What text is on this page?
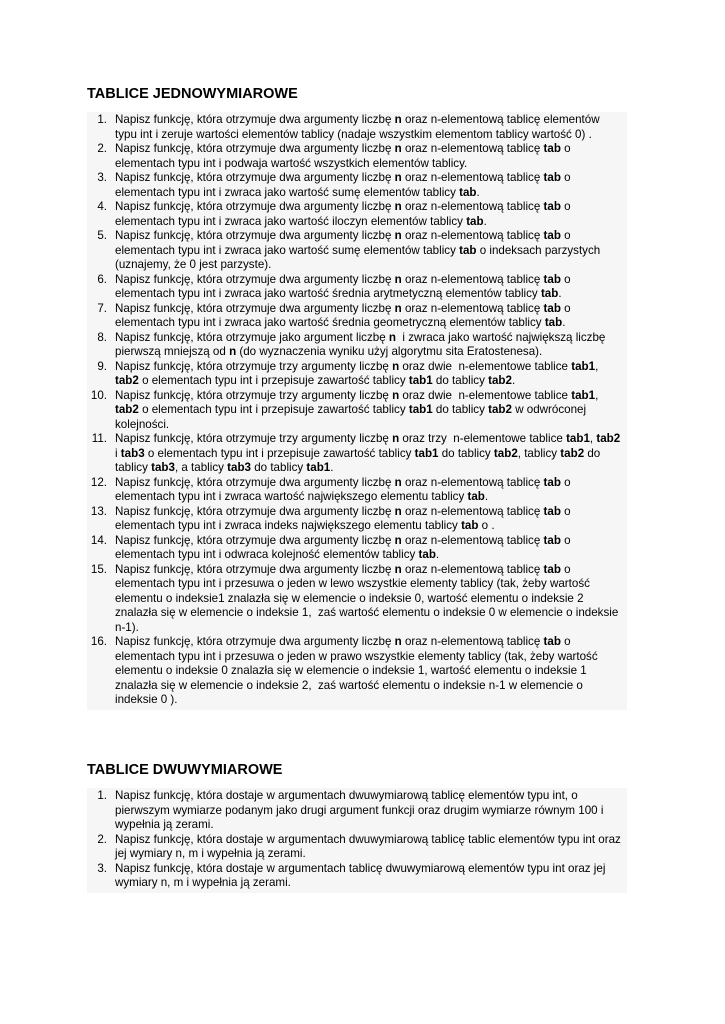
TABLICE JEDNOWYMIAROWE
1. Napisz funkcję, która otrzymuje dwa argumenty liczbę n oraz n-elementową tablicę elementów typu int i zeruje wartości elementów tablicy (nadaje wszystkim elementom tablicy wartość 0) .
2. Napisz funkcję, która otrzymuje dwa argumenty liczbę n oraz n-elementową tablicę tab o elementach typu int i podwaja wartość wszystkich elementów tablicy.
3. Napisz funkcję, która otrzymuje dwa argumenty liczbę n oraz n-elementową tablicę tab o elementach typu int i zwraca jako wartość sumę elementów tablicy tab.
4. Napisz funkcję, która otrzymuje dwa argumenty liczbę n oraz n-elementową tablicę tab o elementach typu int i zwraca jako wartość iloczyn elementów tablicy tab.
5. Napisz funkcję, która otrzymuje dwa argumenty liczbę n oraz n-elementową tablicę tab o elementach typu int i zwraca jako wartość sumę elementów tablicy tab o indeksach parzystych (uznajemy, że 0 jest parzyste).
6. Napisz funkcję, która otrzymuje dwa argumenty liczbę n oraz n-elementową tablicę tab o elementach typu int i zwraca jako wartość średnia arytmetyczną elementów tablicy tab.
7. Napisz funkcję, która otrzymuje dwa argumenty liczbę n oraz n-elementową tablicę tab o elementach typu int i zwraca jako wartość średnia geometryczną elementów tablicy tab.
8. Napisz funkcję, która otrzymuje jako argument liczbę n  i zwraca jako wartość największą liczbę pierwszą mniejszą od n (do wyznaczenia wyniku użyj algorytmu sita Eratostenesa).
9. Napisz funkcję, która otrzymuje trzy argumenty liczbę n oraz dwie  n-elementowe tablice tab1, tab2 o elementach typu int i przepisuje zawartość tablicy tab1 do tablicy tab2.
10. Napisz funkcję, która otrzymuje trzy argumenty liczbę n oraz dwie  n-elementowe tablice tab1, tab2 o elementach typu int i przepisuje zawartość tablicy tab1 do tablicy tab2 w odwróconej kolejności.
11. Napisz funkcję, która otrzymuje trzy argumenty liczbę n oraz trzy  n-elementowe tablice tab1, tab2 i tab3 o elementach typu int i przepisuje zawartość tablicy tab1 do tablicy tab2, tablicy tab2 do tablicy tab3, a tablicy tab3 do tablicy tab1.
12. Napisz funkcję, która otrzymuje dwa argumenty liczbę n oraz n-elementową tablicę tab o elementach typu int i zwraca wartość największego elementu tablicy tab.
13. Napisz funkcję, która otrzymuje dwa argumenty liczbę n oraz n-elementową tablicę tab o elementach typu int i zwraca indeks największego elementu tablicy tab o .
14. Napisz funkcję, która otrzymuje dwa argumenty liczbę n oraz n-elementową tablicę tab o elementach typu int i odwraca kolejność elementów tablicy tab.
15. Napisz funkcję, która otrzymuje dwa argumenty liczbę n oraz n-elementową tablicę tab o elementach typu int i przesuwa o jeden w lewo wszystkie elementy tablicy (tak, żeby wartość elementu o indeksie1 znalazła się w elemencie o indeksie 0, wartość elementu o indeksie 2 znalazła się w elemencie o indeksie 1,  zaś wartość elementu o indeksie 0 w elemencie o indeksie n-1).
16. Napisz funkcję, która otrzymuje dwa argumenty liczbę n oraz n-elementową tablicę tab o elementach typu int i przesuwa o jeden w prawo wszystkie elementy tablicy (tak, żeby wartość elementu o indeksie 0 znalazła się w elemencie o indeksie 1, wartość elementu o indeksie 1 znalazła się w elemencie o indeksie 2,  zaś wartość elementu o indeksie n-1 w elemencie o indeksie 0 ).
TABLICE DWUWYMIAROWE
1. Napisz funkcję, która dostaje w argumentach dwuwymiarową tablicę elementów typu int, o pierwszym wymiarze podanym jako drugi argument funkcji oraz drugim wymiarze równym 100 i wypełnia ją zerami.
2. Napisz funkcję, która dostaje w argumentach dwuwymiarową tablicę tablic elementów typu int oraz jej wymiary n, m i wypełnia ją zerami.
3. Napisz funkcję, która dostaje w argumentach tablicę dwuwymiarową elementów typu int oraz jej wymiary n, m i wypełnia ją zerami.
